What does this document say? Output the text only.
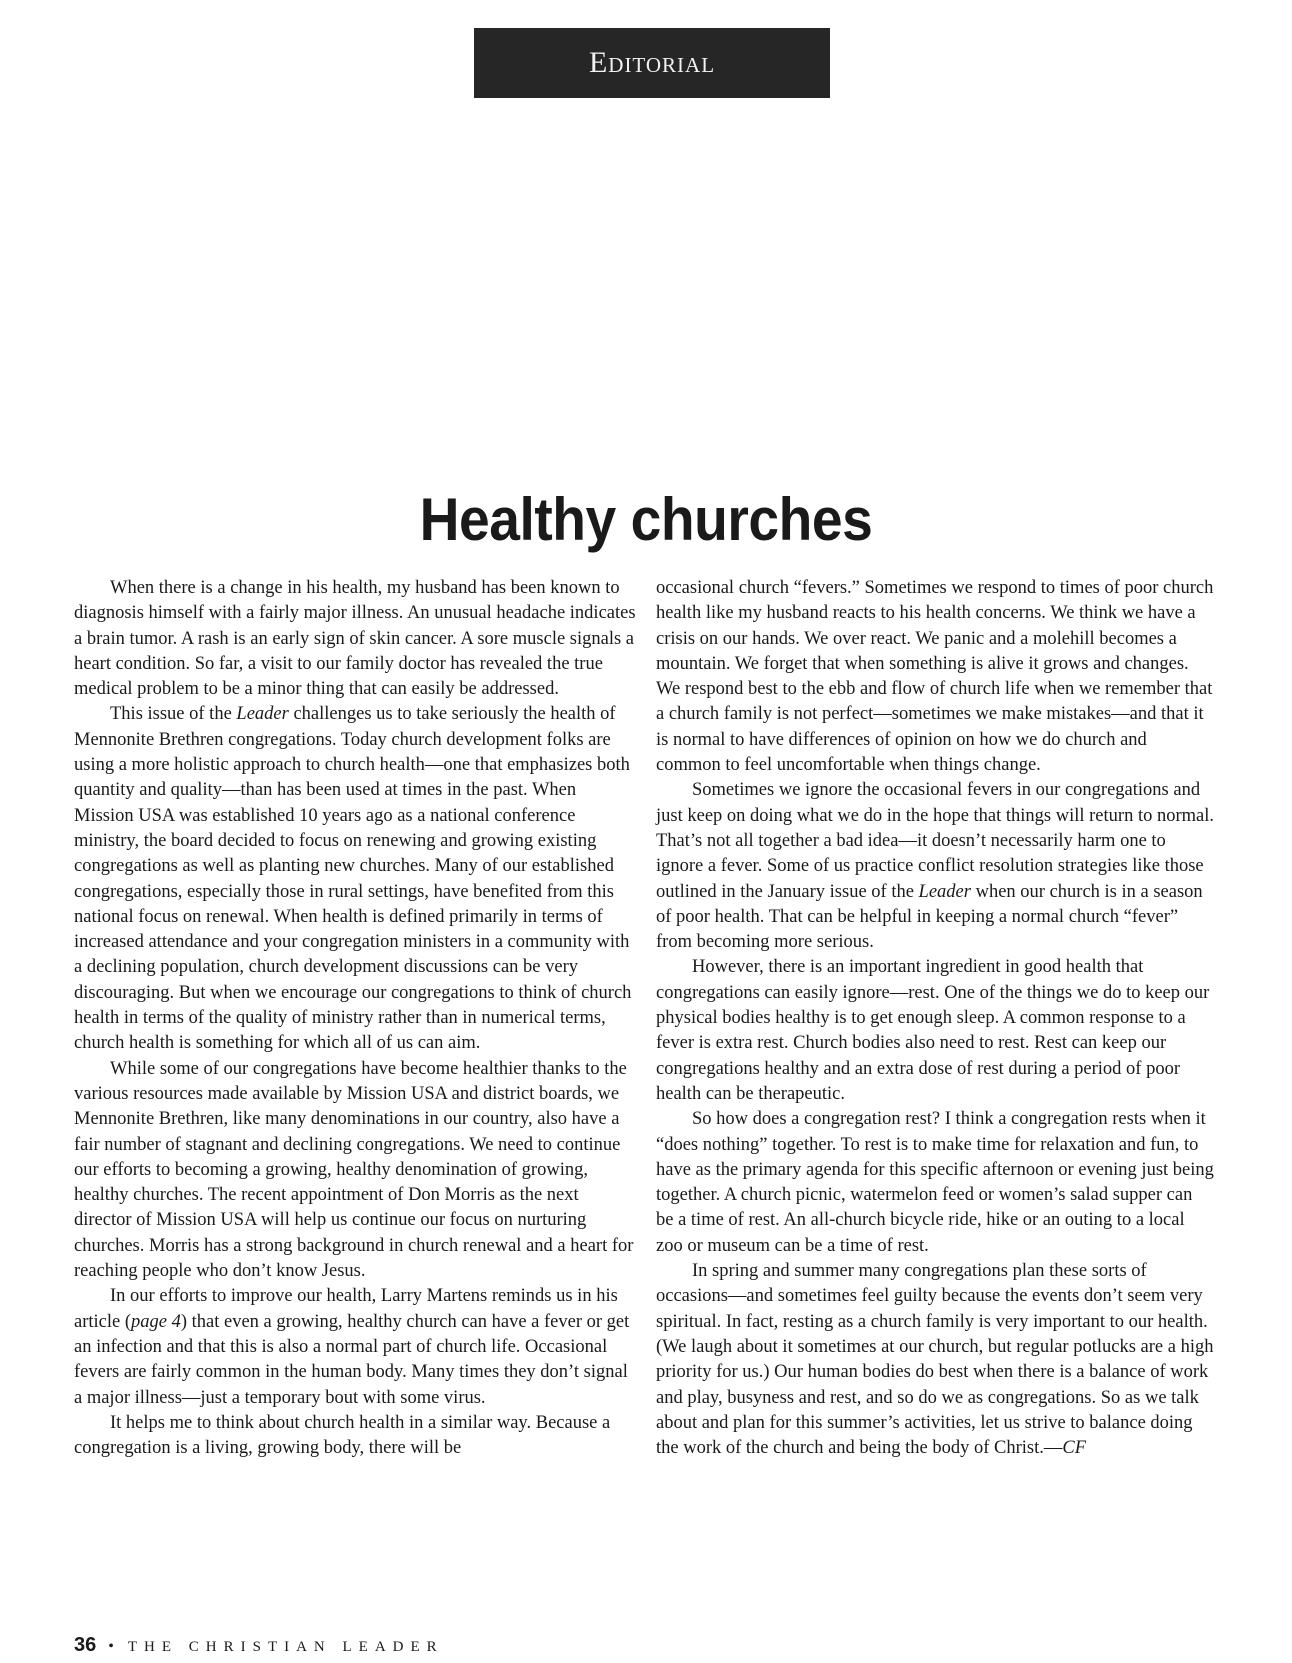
Editorial
Healthy churches

When there is a change in his health, my husband has been known to diagnosis himself with a fairly major illness. An unusual headache indicates a brain tumor. A rash is an early sign of skin cancer. A sore muscle signals a heart condition. So far, a visit to our family doctor has revealed the true medical problem to be a minor thing that can easily be addressed.

This issue of the Leader challenges us to take seriously the health of Mennonite Brethren congregations. Today church development folks are using a more holistic approach to church health—one that emphasizes both quantity and quality—than has been used at times in the past. When Mission USA was established 10 years ago as a national conference ministry, the board decided to focus on renewing and growing existing congregations as well as planting new churches. Many of our established congregations, especially those in rural settings, have benefited from this national focus on renewal. When health is defined primarily in terms of increased attendance and your congregation ministers in a community with a declining population, church development discussions can be very discouraging. But when we encourage our congregations to think of church health in terms of the quality of ministry rather than in numerical terms, church health is something for which all of us can aim.

While some of our congregations have become healthier thanks to the various resources made available by Mission USA and district boards, we Mennonite Brethren, like many denominations in our country, also have a fair number of stagnant and declining congregations. We need to continue our efforts to becoming a growing, healthy denomination of growing, healthy churches. The recent appointment of Don Morris as the next director of Mission USA will help us continue our focus on nurturing churches. Morris has a strong background in church renewal and a heart for reaching people who don’t know Jesus.

In our efforts to improve our health, Larry Martens reminds us in his article (page 4) that even a growing, healthy church can have a fever or get an infection and that this is also a normal part of church life. Occasional fevers are fairly common in the human body. Many times they don’t signal a major illness—just a temporary bout with some virus.

It helps me to think about church health in a similar way. Because a congregation is a living, growing body, there will be

occasional church “fevers.” Sometimes we respond to times of poor church health like my husband reacts to his health concerns. We think we have a crisis on our hands. We over react. We panic and a molehill becomes a mountain. We forget that when something is alive it grows and changes. We respond best to the ebb and flow of church life when we remember that a church family is not perfect—sometimes we make mistakes—and that it is normal to have differences of opinion on how we do church and common to feel uncomfortable when things change.

Sometimes we ignore the occasional fevers in our congregations and just keep on doing what we do in the hope that things will return to normal. That’s not all together a bad idea—it doesn’t necessarily harm one to ignore a fever. Some of us practice conflict resolution strategies like those outlined in the January issue of the Leader when our church is in a season of poor health. That can be helpful in keeping a normal church “fever” from becoming more serious.

However, there is an important ingredient in good health that congregations can easily ignore—rest. One of the things we do to keep our physical bodies healthy is to get enough sleep. A common response to a fever is extra rest. Church bodies also need to rest. Rest can keep our congregations healthy and an extra dose of rest during a period of poor health can be therapeutic.

So how does a congregation rest? I think a congregation rests when it “does nothing” together. To rest is to make time for relaxation and fun, to have as the primary agenda for this specific afternoon or evening just being together. A church picnic, watermelon feed or women’s salad supper can be a time of rest. An all-church bicycle ride, hike or an outing to a local zoo or museum can be a time of rest.

In spring and summer many congregations plan these sorts of occasions—and sometimes feel guilty because the events don’t seem very spiritual. In fact, resting as a church family is very important to our health. (We laugh about it sometimes at our church, but regular potlucks are a high priority for us.) Our human bodies do best when there is a balance of work and play, busyness and rest, and so do we as congregations. So as we talk about and plan for this summer’s activities, let us strive to balance doing the work of the church and being the body of Christ.—CF

36 • THE CHRISTIAN LEADER
